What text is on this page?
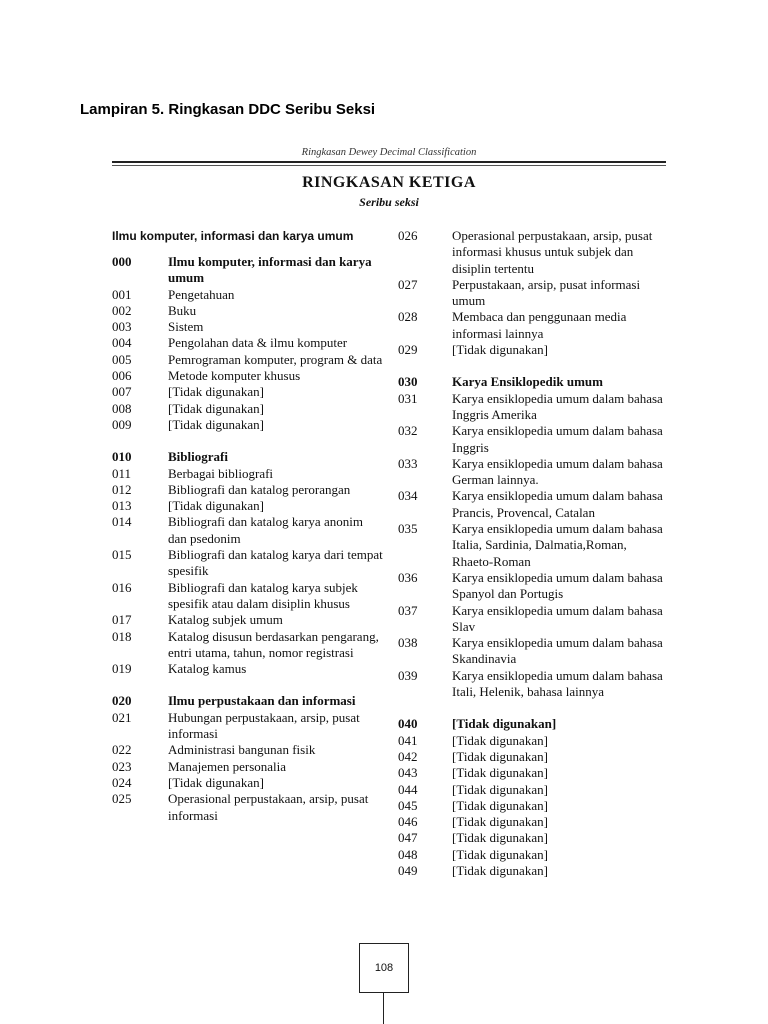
Lampiran 5. Ringkasan DDC Seribu Seksi
Ringkasan Dewey Decimal Classification
RINGKASAN KETIGA
Seribu seksi
Ilmu komputer, informasi dan karya umum
000	Ilmu komputer, informasi dan karya umum
001	Pengetahuan
002	Buku
003	Sistem
004	Pengolahan data & ilmu komputer
005	Pemrograman komputer, program & data
006	Metode komputer khusus
007	[Tidak digunakan]
008	[Tidak digunakan]
009	[Tidak digunakan]
010	Bibliografi
011	Berbagai bibliografi
012	Bibliografi dan katalog perorangan
013	[Tidak digunakan]
014	Bibliografi dan katalog karya anonim dan psedonim
015	Bibliografi dan katalog karya dari tempat spesifik
016	Bibliografi dan katalog karya subjek spesifik atau dalam disiplin khusus
017	Katalog subjek umum
018	Katalog disusun berdasarkan pengarang, entri utama, tahun, nomor registrasi
019	Katalog kamus
020	Ilmu perpustakaan dan informasi
021	Hubungan perpustakaan, arsip, pusat informasi
022	Administrasi bangunan fisik
023	Manajemen personalia
024	[Tidak digunakan]
025	Operasional perpustakaan, arsip, pusat informasi
026	Operasional perpustakaan, arsip, pusat informasi khusus untuk subjek dan disiplin tertentu
027	Perpustakaan, arsip, pusat informasi umum
028	Membaca dan penggunaan media informasi lainnya
029	[Tidak digunakan]
030	Karya Ensiklopedik umum
031	Karya ensiklopedia umum dalam bahasa Inggris Amerika
032	Karya ensiklopedia umum dalam bahasa Inggris
033	Karya ensiklopedia umum dalam bahasa German lainnya.
034	Karya ensiklopedia umum dalam bahasa Prancis, Provencal, Catalan
035	Karya ensiklopedia umum dalam bahasa Italia, Sardinia, Dalmatia,Roman, Rhaeto-Roman
036	Karya ensiklopedia umum dalam bahasa Spanyol dan Portugis
037	Karya ensiklopedia umum dalam bahasa Slav
038	Karya ensiklopedia umum dalam bahasa Skandinavia
039	Karya ensiklopedia umum dalam bahasa Itali, Helenik, bahasa lainnya
040	[Tidak digunakan]
041	[Tidak digunakan]
042	[Tidak digunakan]
043	[Tidak digunakan]
044	[Tidak digunakan]
045	[Tidak digunakan]
046	[Tidak digunakan]
047	[Tidak digunakan]
048	[Tidak digunakan]
049	[Tidak digunakan]
108
